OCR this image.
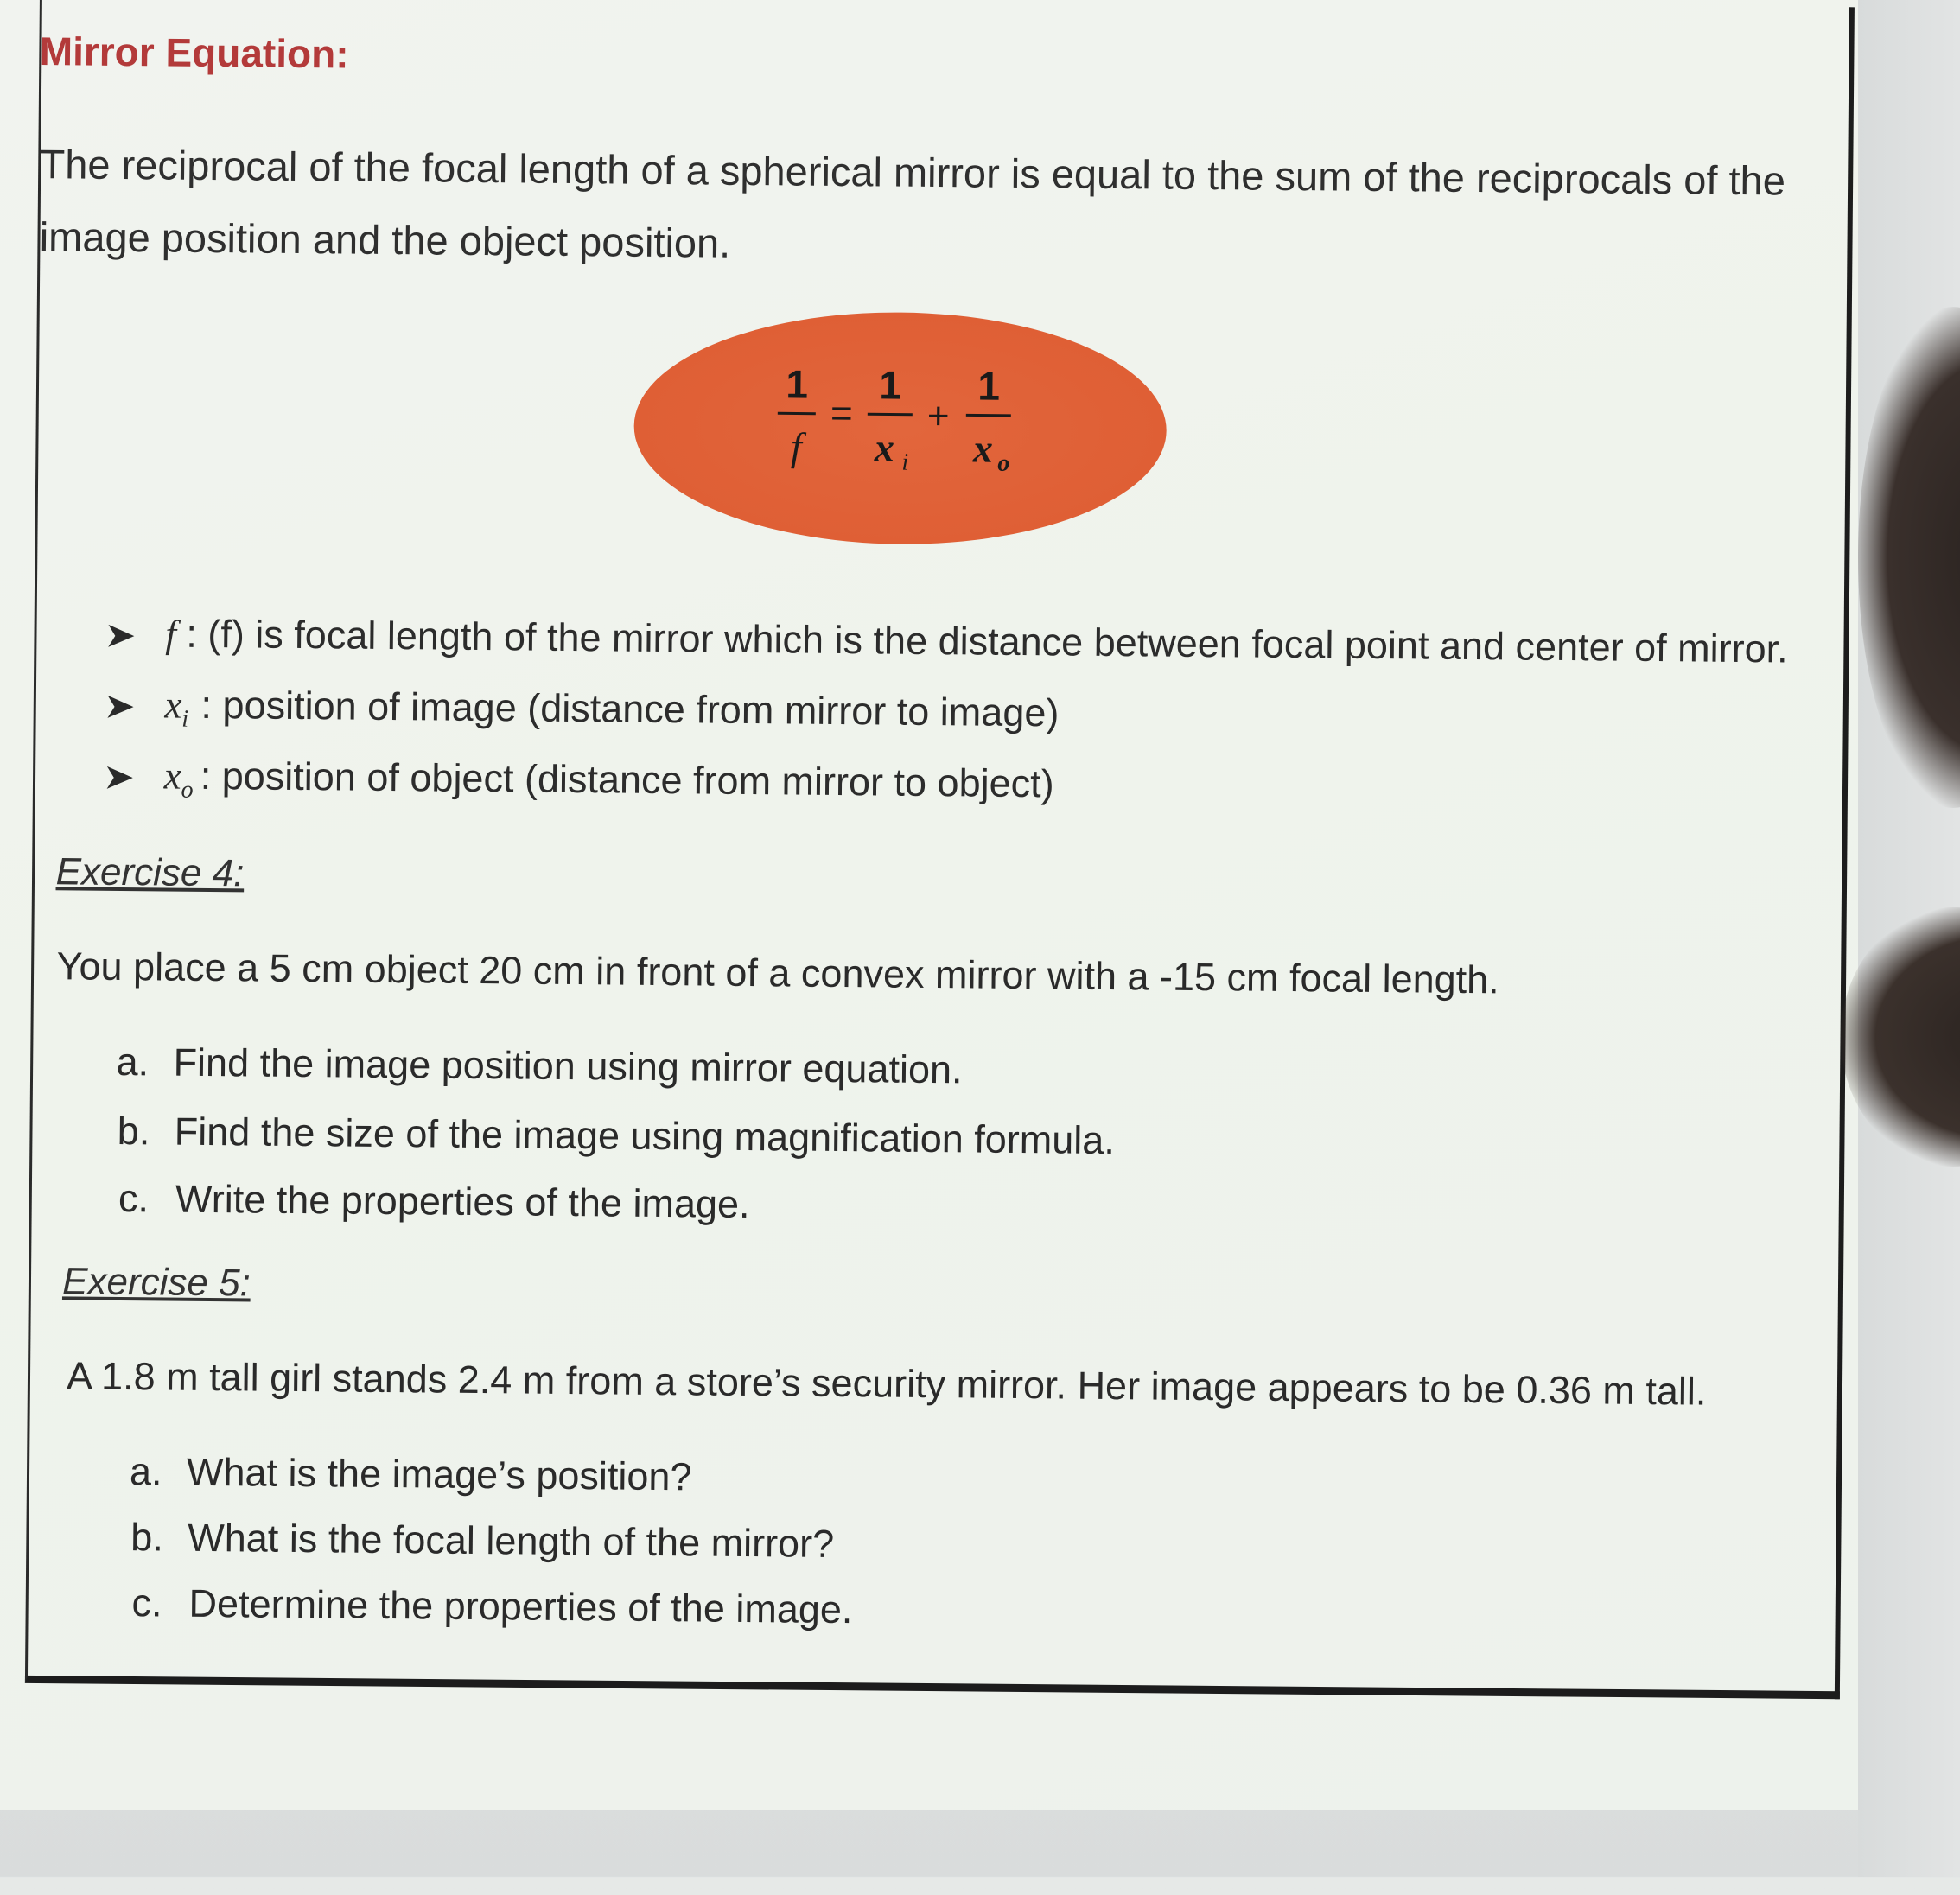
Mirror Equation:
The reciprocal of the focal length of a spherical mirror is equal to the sum of the reciprocals of the image position and the object position.
1 1 1
f x i x o
= +
f : (f) is focal length of the mirror which is the distance between focal point and center of mirror.
$x_i$ : position of image (distance from mirror to image)
$x_o$ : position of object (distance from mirror to object)
Exercise 4:
You place a 5 cm object 20 cm in front of a convex mirror with a -15 cm focal length.
a. Find the image position using mirror equation.
b. Find the size of the image using magnification formula.
c. Write the properties of the image.
Exercise 5:
A 1.8 m tall girl stands 2.4 m from a store’s security mirror. Her image appears to be 0.36 m tall.
a. What is the image’s position?
b. What is the focal length of the mirror?
c. Determine the properties of the image.
